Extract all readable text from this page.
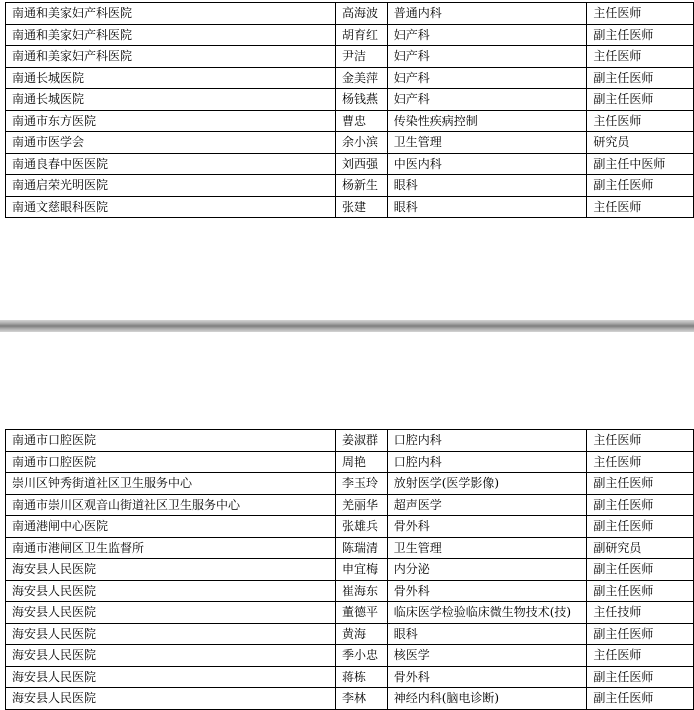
南通和美家妇产科医院	高海波	普通内科	主任医师
南通和美家妇产科医院	胡育红	妇产科	副主任医师
南通和美家妇产科医院	尹洁	妇产科	主任医师
南通长城医院	金美萍	妇产科	副主任医师
南通长城医院	杨钱燕	妇产科	副主任医师
南通市东方医院	曹忠	传染性疾病控制	主任医师
南通市医学会	余小滨	卫生管理	研究员
南通良春中医医院	刘西强	中医内科	副主任中医师
南通启荣光明医院	杨新生	眼科	副主任医师
南通文慈眼科医院	张建	眼科	主任医师
南通市口腔医院	姜淑群	口腔内科	主任医师
南通市口腔医院	周艳	口腔内科	主任医师
崇川区钟秀街道社区卫生服务中心	李玉玲	放射医学(医学影像)	副主任医师
南通市崇川区观音山街道社区卫生服务中心	羌丽华	超声医学	副主任医师
南通港闸中心医院	张雄兵	骨外科	副主任医师
南通市港闸区卫生监督所	陈瑞清	卫生管理	副研究员
海安县人民医院	申宜梅	内分泌	副主任医师
海安县人民医院	崔海东	骨外科	副主任医师
海安县人民医院	董德平	临床医学检验临床微生物技术(技)	主任技师
海安县人民医院	黄海	眼科	副主任医师
海安县人民医院	季小忠	核医学	主任医师
海安县人民医院	蒋栋	骨外科	副主任医师
海安县人民医院	李林	神经内科(脑电诊断)	副主任医师
